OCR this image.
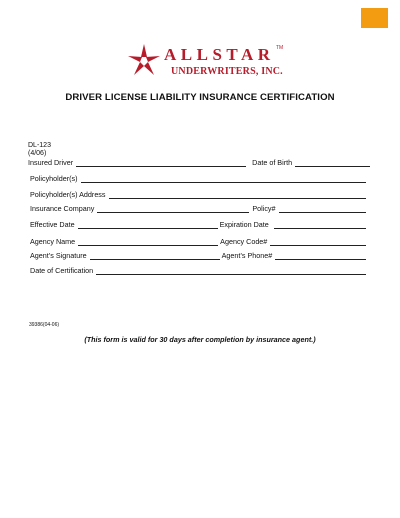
ALLSTAR TM
UNDERWRITERS, INC.
DRIVER LICENSE LIABILITY INSURANCE CERTIFICATION
DL-123
(4/06)
Insured Driver	Date of Birth
Policyholder(s)
Policyholder(s) Address
Insurance Company	Policy#
Effective Date	Expiration Date
Agency Name	Agency Code#
Agent’s Signature	Agent’s Phone#
Date of Certification
39386(04-06)
(This form is valid for 30 days after completion by insurance agent.)
